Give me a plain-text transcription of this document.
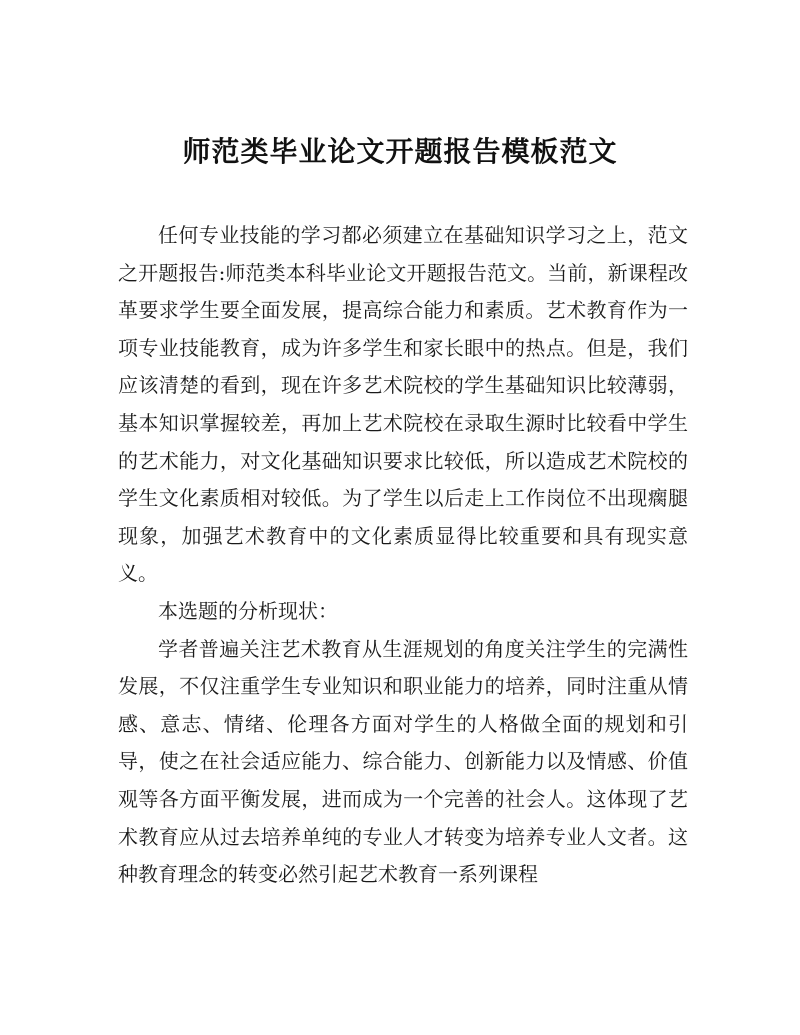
师范类毕业论文开题报告模板范文

任何专业技能的学习都必须建立在基础知识学习之上，范文之开题报告:师范类本科毕业论文开题报告范文。当前，新课程改革要求学生要全面发展，提高综合能力和素质。艺术教育作为一项专业技能教育，成为许多学生和家长眼中的热点。但是，我们应该清楚的看到，现在许多艺术院校的学生基础知识比较薄弱，基本知识掌握较差，再加上艺术院校在录取生源时比较看中学生的艺术能力，对文化基础知识要求比较低，所以造成艺术院校的学生文化素质相对较低。为了学生以后走上工作岗位不出现瘸腿现象，加强艺术教育中的文化素质显得比较重要和具有现实意义。

本选题的分析现状：

学者普遍关注艺术教育从生涯规划的角度关注学生的完满性发展，不仅注重学生专业知识和职业能力的培养，同时注重从情感、意志、情绪、伦理各方面对学生的人格做全面的规划和引导，使之在社会适应能力、综合能力、创新能力以及情感、价值观等各方面平衡发展，进而成为一个完善的社会人。这体现了艺术教育应从过去培养单纯的专业人才转变为培养专业人文者。这种教育理念的转变必然引起艺术教育一系列课程
